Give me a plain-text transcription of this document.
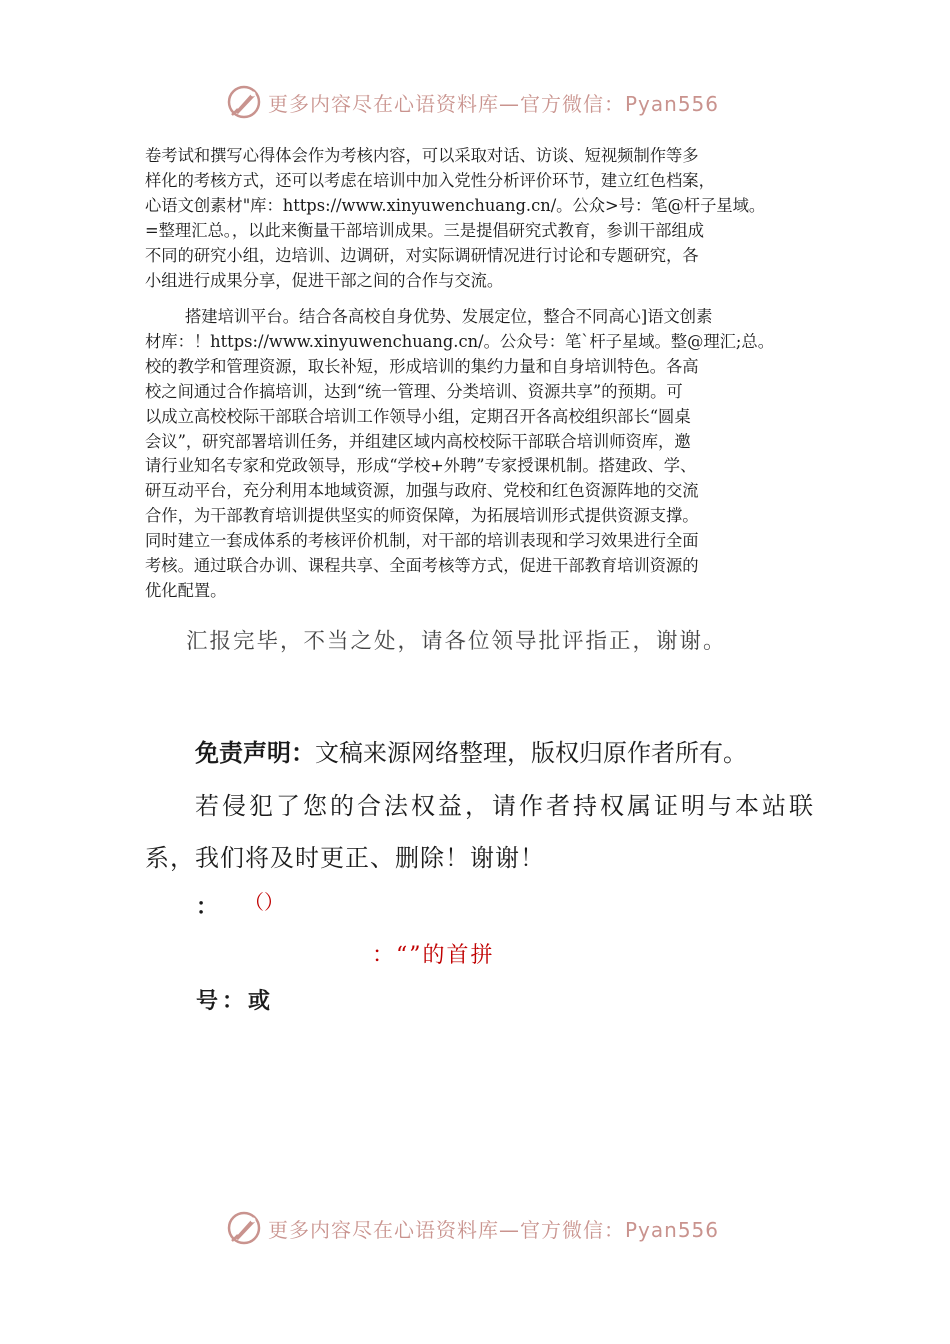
更多内容尽在心语资料库—官方微信：Pyan556
卷考试和撰写心得体会作为考核内容，可以采取对话、访谈、短视频制作等多
样化的考核方式，还可以考虑在培训中加入党性分析评价环节，建立红色档案，
心语文创素材"库：https://www.xinyuwenchuang.cn/。公众>号：笔@杆子星域。
=整理汇总。，以此来衡量干部培训成果。三是提倡研究式教育，参训干部组成
不同的研究小组，边培训、边调研，对实际调研情况进行讨论和专题研究，各
小组进行成果分享，促进干部之间的合作与交流。
搭建培训平台。结合各高校自身优势、发展定位，整合不同高心]语文创素
材库：！https://www.xinyuwenchuang.cn/。公众号：笔`杆子星域。整@理汇;总。
校的教学和管理资源，取长补短，形成培训的集约力量和自身培训特色。各高
校之间通过合作搞培训，达到“统一管理、分类培训、资源共享”的预期。可
以成立高校校际干部联合培训工作领导小组，定期召开各高校组织部长“圆桌
会议”，研究部署培训任务，并组建区域内高校校际干部联合培训师资库，邀
请行业知名专家和党政领导，形成“学校+外聘”专家授课机制。搭建政、学、
研互动平台，充分利用本地域资源，加强与政府、党校和红色资源阵地的交流
合作，为干部教育培训提供坚实的师资保障，为拓展培训形式提供资源支撑。
同时建立一套成体系的考核评价机制，对干部的培训表现和学习效果进行全面
考核。通过联合办训、课程共享、全面考核等方式，促进干部教育培训资源的
优化配置。
汇报完毕，不当之处，请各位领导批评指正，谢谢。
免责声明：文稿来源网络整理，版权归原作者所有。
若侵犯了您的合法权益，请作者持权属证明与本站联
系，我们将及时更正、删除！谢谢！
： （）
：“”的首拼
号：或
更多内容尽在心语资料库—官方微信：Pyan556
